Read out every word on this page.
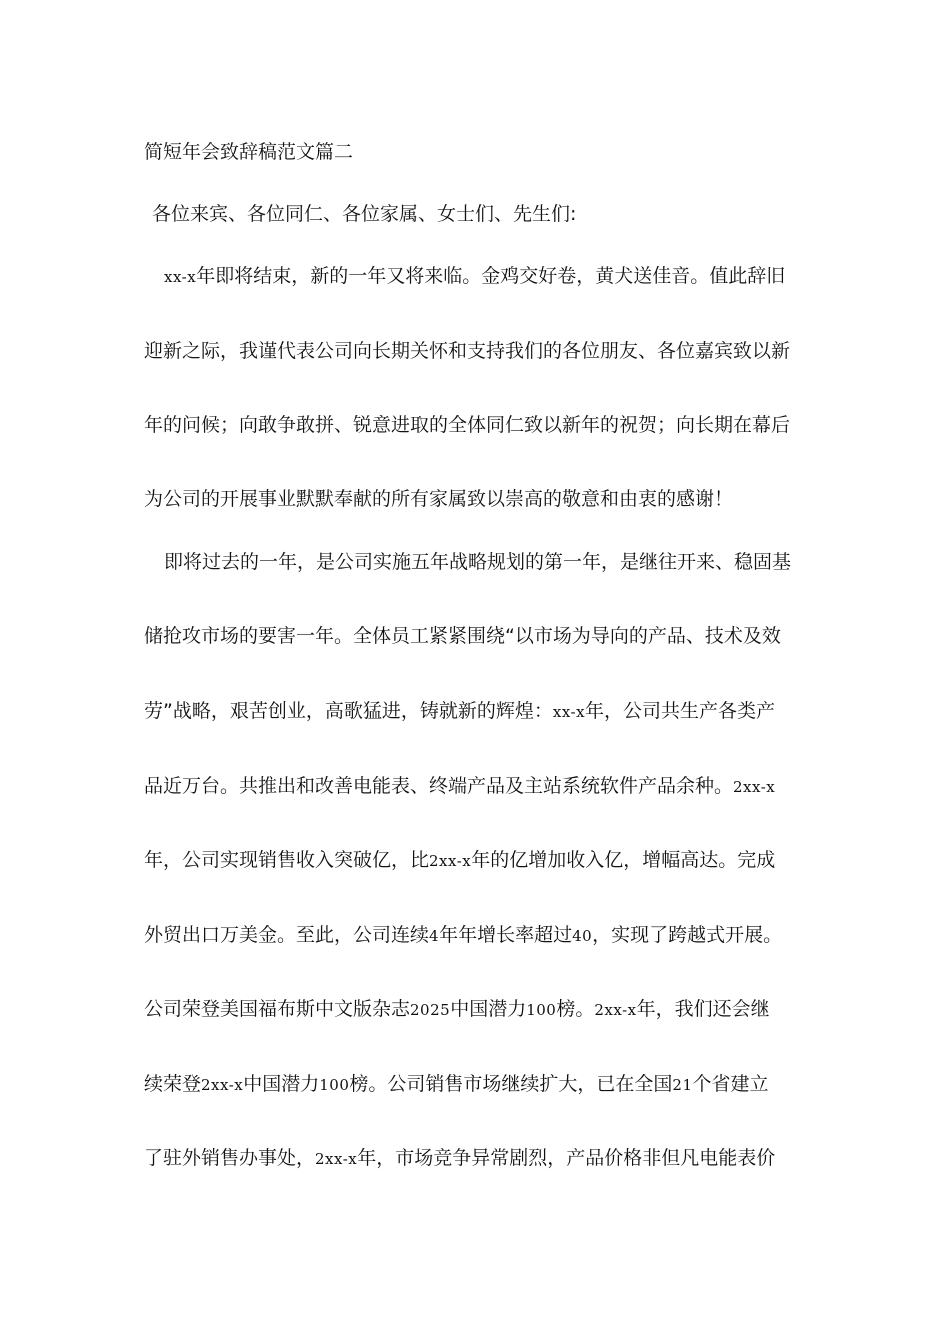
简短年会致辞稿范文篇二
各位来宾、各位同仁、各位家属、女士们、先生们:
xx-x年即将结束，新的一年又将来临。金鸡交好卷，黄犬送佳音。值此辞旧
迎新之际，我谨代表公司向长期关怀和支持我们的各位朋友、各位嘉宾致以新
年的问候；向敢争敢拼、锐意进取的全体同仁致以新年的祝贺；向长期在幕后
为公司的开展事业默默奉献的所有家属致以崇高的敬意和由衷的感谢！
即将过去的一年，是公司实施五年战略规划的第一年，是继往开来、稳固基
储抢攻市场的要害一年。全体员工紧紧围绕“以市场为导向的产品、技术及效
劳”战略，艰苦创业，高歌猛进，铸就新的辉煌：xx-x年，公司共生产各类产
品近万台。共推出和改善电能表、终端产品及主站系统软件产品余种。2xx-x
年，公司实现销售收入突破亿，比2xx-x年的亿增加收入亿，增幅高达。完成
外贸出口万美金。至此，公司连续4年年增长率超过40，实现了跨越式开展。
公司荣登美国福布斯中文版杂志2025中国潜力100榜。2xx-x年，我们还会继
续荣登2xx-x中国潜力100榜。公司销售市场继续扩大，已在全国21个省建立
了驻外销售办事处，2xx-x年，市场竞争异常剧烈，产品价格非但凡电能表价
